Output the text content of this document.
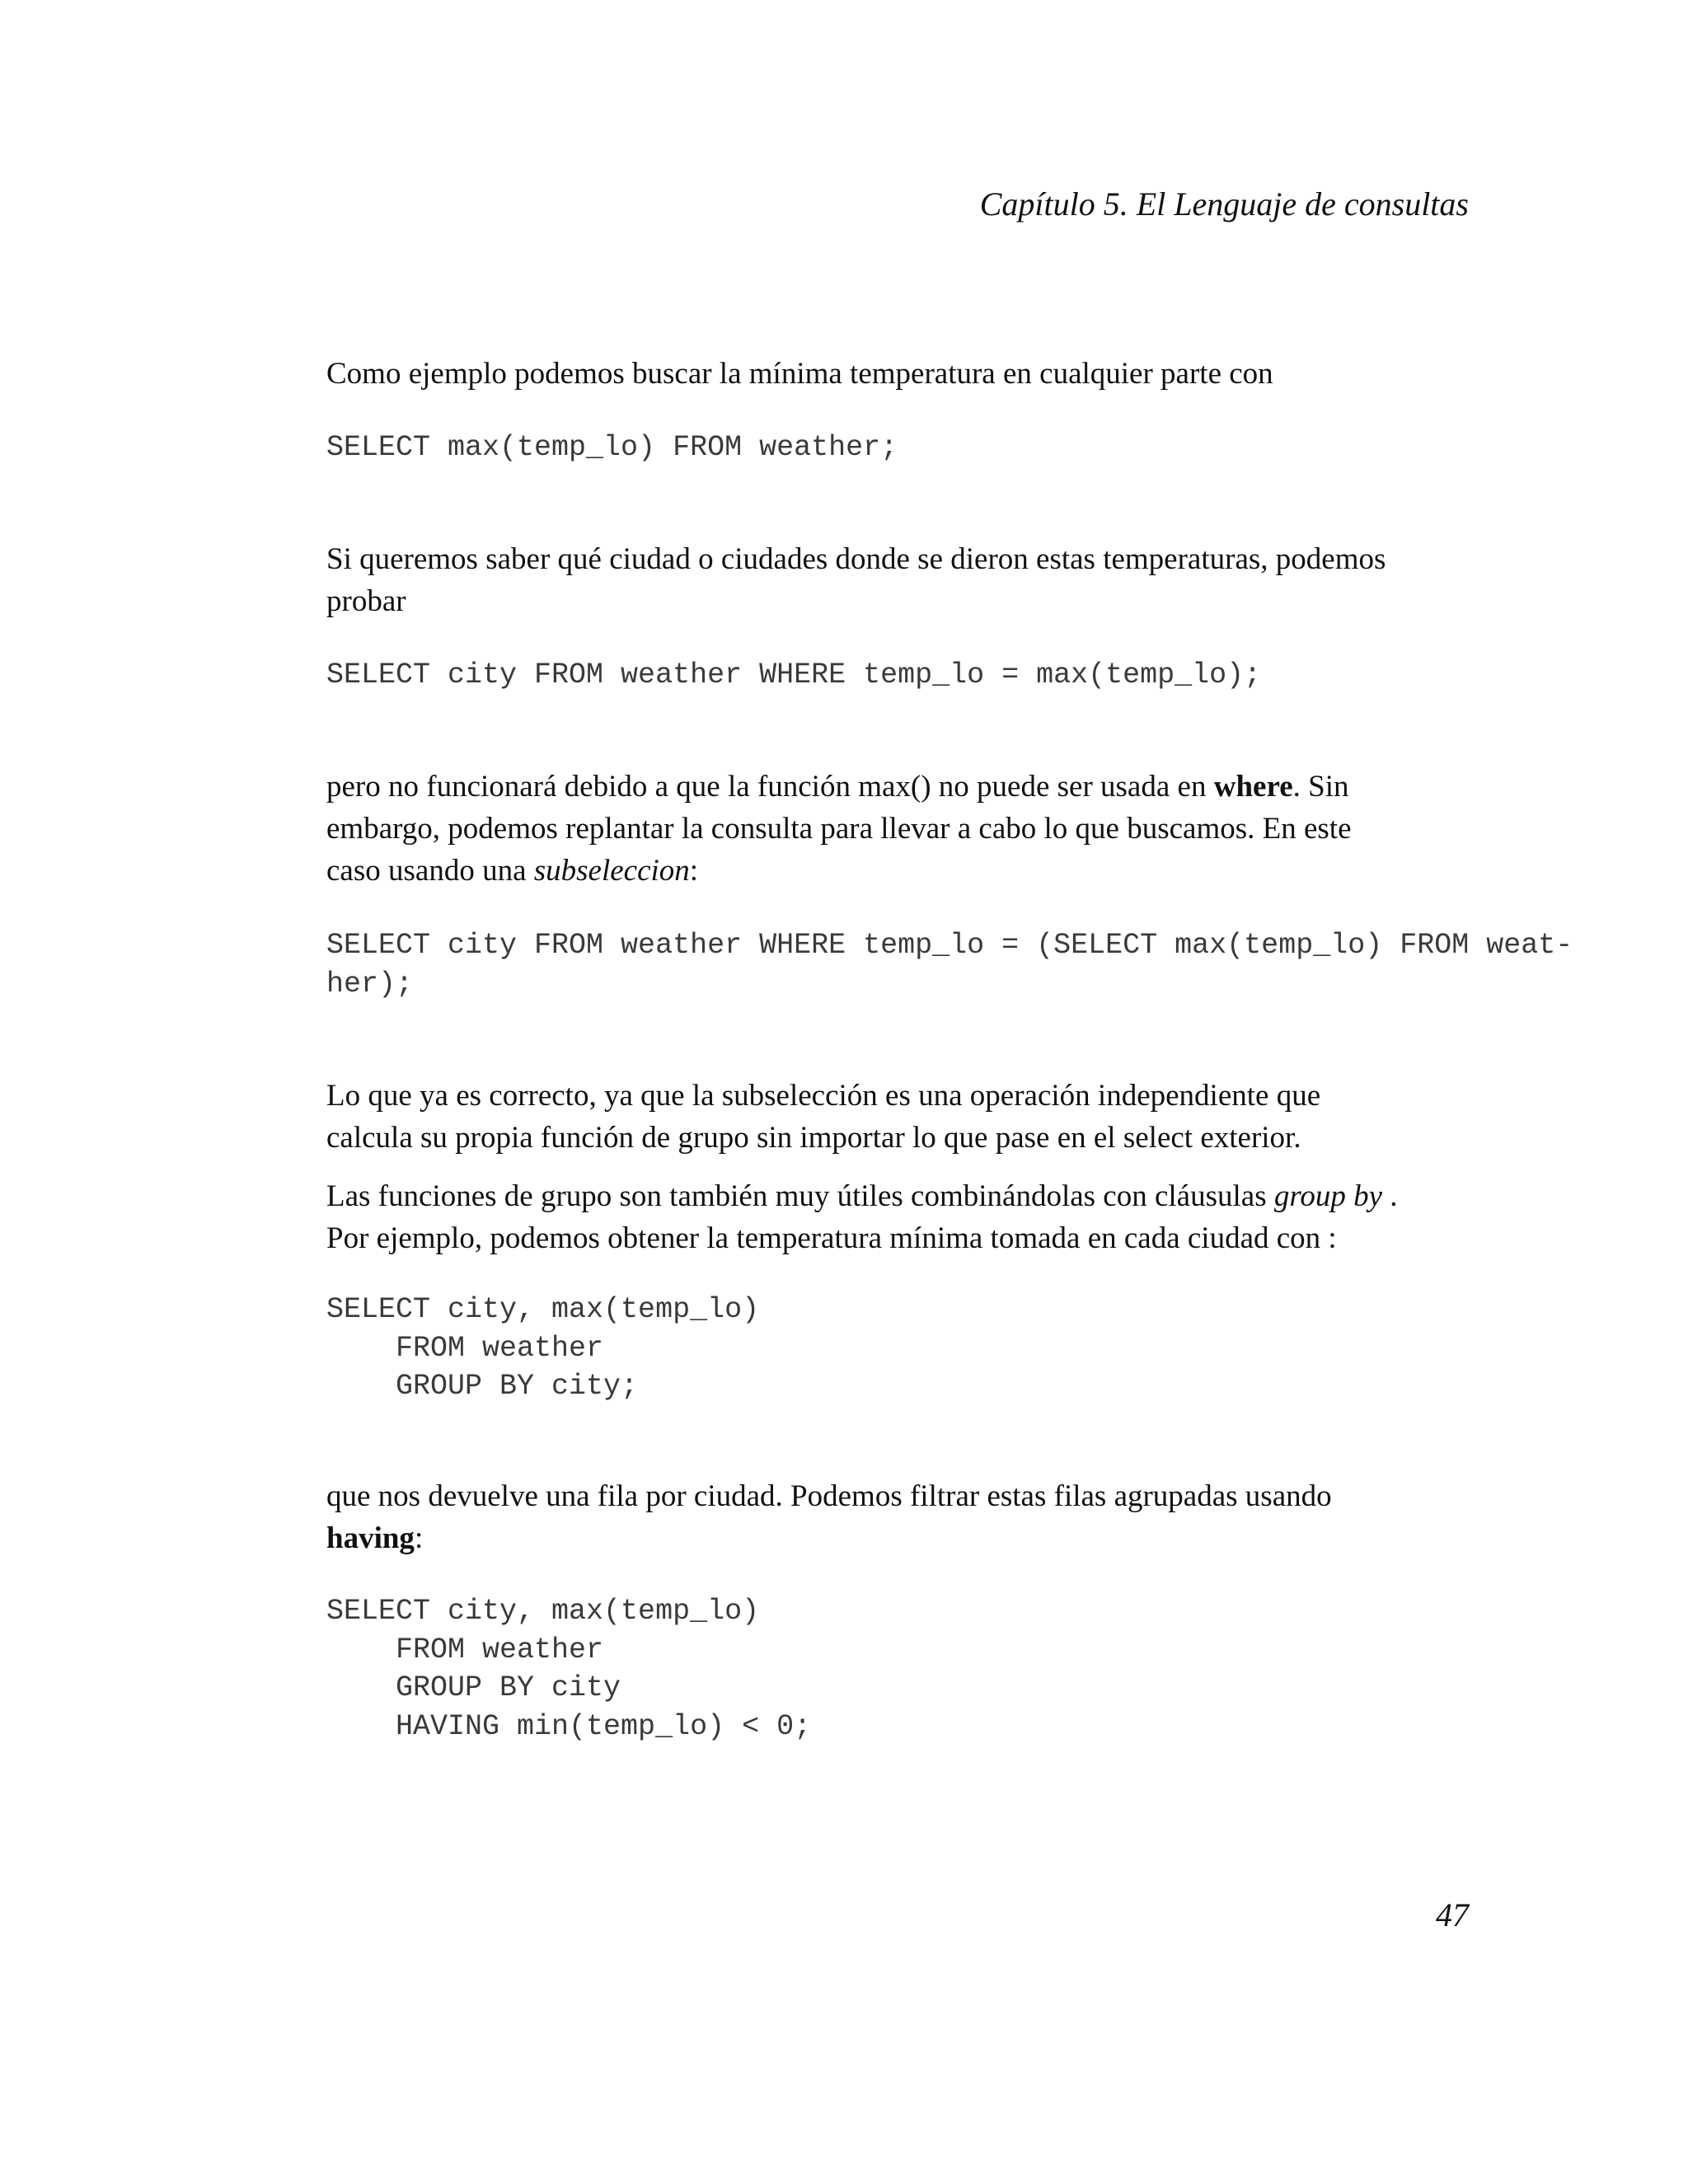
Capítulo 5. El Lenguaje de consultas

Como ejemplo podemos buscar la mínima temperatura en cualquier parte con

SELECT max(temp_lo) FROM weather;

Si queremos saber qué ciudad o ciudades donde se dieron estas temperaturas, podemos
probar

SELECT city FROM weather WHERE temp_lo = max(temp_lo);

pero no funcionará debido a que la función max() no puede ser usada en where. Sin
embargo, podemos replantar la consulta para llevar a cabo lo que buscamos. En este
caso usando una subseleccion:

SELECT city FROM weather WHERE temp_lo = (SELECT max(temp_lo) FROM weat-
her);

Lo que ya es correcto, ya que la subselección es una operación independiente que
calcula su propia función de grupo sin importar lo que pase en el select exterior.

Las funciones de grupo son también muy útiles combinándolas con cláusulas group by .
Por ejemplo, podemos obtener la temperatura mínima tomada en cada ciudad con :

SELECT city, max(temp_lo)
FROM weather
GROUP BY city;

que nos devuelve una fila por ciudad. Podemos filtrar estas filas agrupadas usando
having:

SELECT city, max(temp_lo)
FROM weather
GROUP BY city
HAVING min(temp_lo) < 0;
47
